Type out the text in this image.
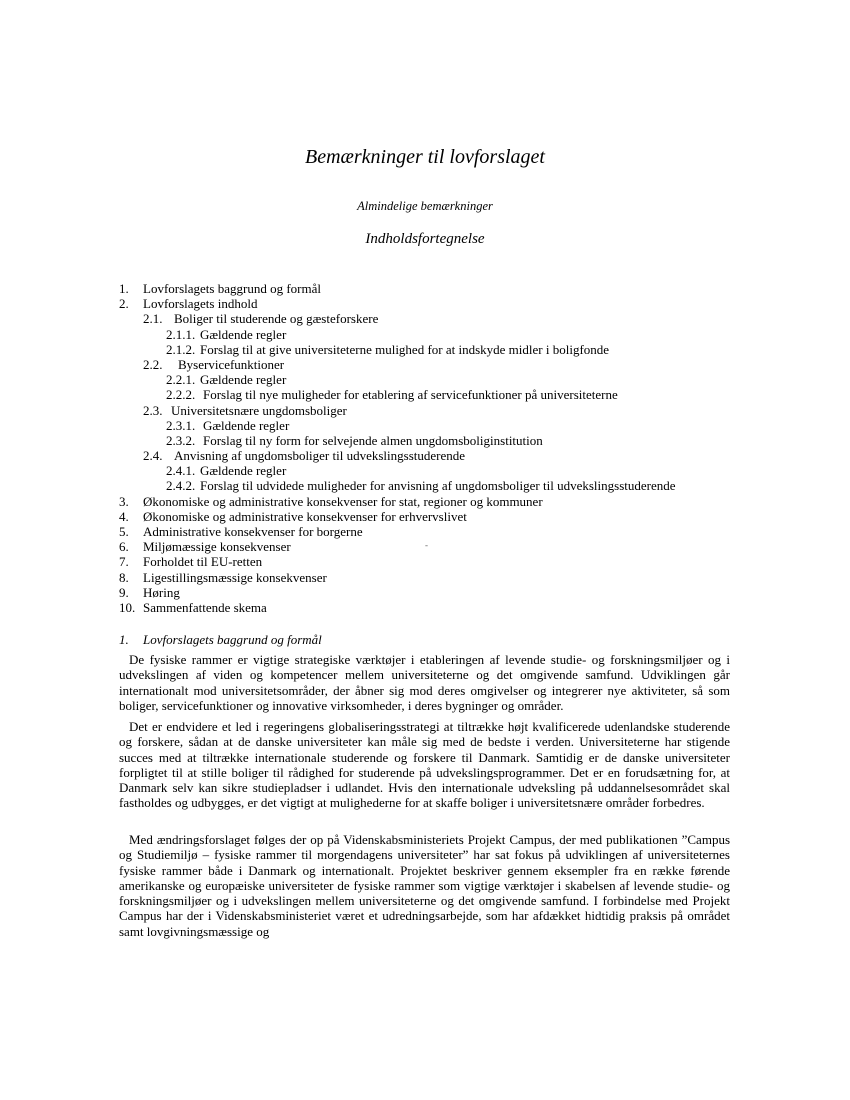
Bemærkninger til lovforslaget
Almindelige bemærkninger
Indholdsfortegnelse
1. Lovforslagets baggrund og formål
2. Lovforslagets indhold
2.1. Boliger til studerende og gæsteforskere
2.1.1. Gældende regler
2.1.2. Forslag til at give universiteterne mulighed for at indskyde midler i boligfonde
2.2. Byservicefunktioner
2.2.1. Gældende regler
2.2.2. Forslag til nye muligheder for etablering af servicefunktioner på universiteterne
2.3. Universitetsnære ungdomsboliger
2.3.1. Gældende regler
2.3.2. Forslag til ny form for selvejende almen ungdomsboliginstitution
2.4. Anvisning af ungdomsboliger til udvekslingsstuderende
2.4.1. Gældende regler
2.4.2. Forslag til udvidede muligheder for anvisning af ungdomsboliger til udvekslingsstuderende
3. Økonomiske og administrative konsekvenser for stat, regioner og kommuner
4. Økonomiske og administrative konsekvenser for erhvervslivet
5. Administrative konsekvenser for borgerne
6. Miljømæssige konsekvenser
7. Forholdet til EU-retten
8. Ligestillingsmæssige konsekvenser
9. Høring
10. Sammenfattende skema
-
1. Lovforslagets baggrund og formål
De fysiske rammer er vigtige strategiske værktøjer i etableringen af levende studie- og forskningsmiljøer og i udvekslingen af viden og kompetencer mellem universiteterne og det omgivende samfund. Udviklingen går internationalt mod universitetsområder, der åbner sig mod deres omgivelser og integrerer nye aktiviteter, så som boliger, servicefunktioner og innovative virksomheder, i deres bygninger og områder.
Det er endvidere et led i regeringens globaliseringsstrategi at tiltrække højt kvalificerede udenlandske studerende og forskere, sådan at de danske universiteter kan måle sig med de bedste i verden. Universiteterne har stigende succes med at tiltrække internationale studerende og forskere til Danmark. Samtidig er de danske universiteter forpligtet til at stille boliger til rådighed for studerende på udvekslingsprogrammer. Det er en forudsætning for, at Danmark selv kan sikre studiepladser i udlandet. Hvis den internationale udveksling på uddannelsesområdet skal fastholdes og udbygges, er det vigtigt at mulighederne for at skaffe boliger i universitetsnære områder forbedres.
Med ændringsforslaget følges der op på Videnskabsministeriets Projekt Campus, der med publikationen ”Campus og Studiemiljø – fysiske rammer til morgendagens universiteter” har sat fokus på udviklingen af universiteternes fysiske rammer både i Danmark og internationalt. Projektet beskriver gennem eksempler fra en række førende amerikanske og europæiske universiteter de fysiske rammer som vigtige værktøjer i skabelsen af levende studie- og forskningsmiljøer og i udvekslingen mellem universiteterne og det omgivende samfund. I forbindelse med Projekt Campus har der i Videnskabsministeriet været et udredningsarbejde, som har afdækket hidtidig praksis på området samt lovgivningsmæssige og
